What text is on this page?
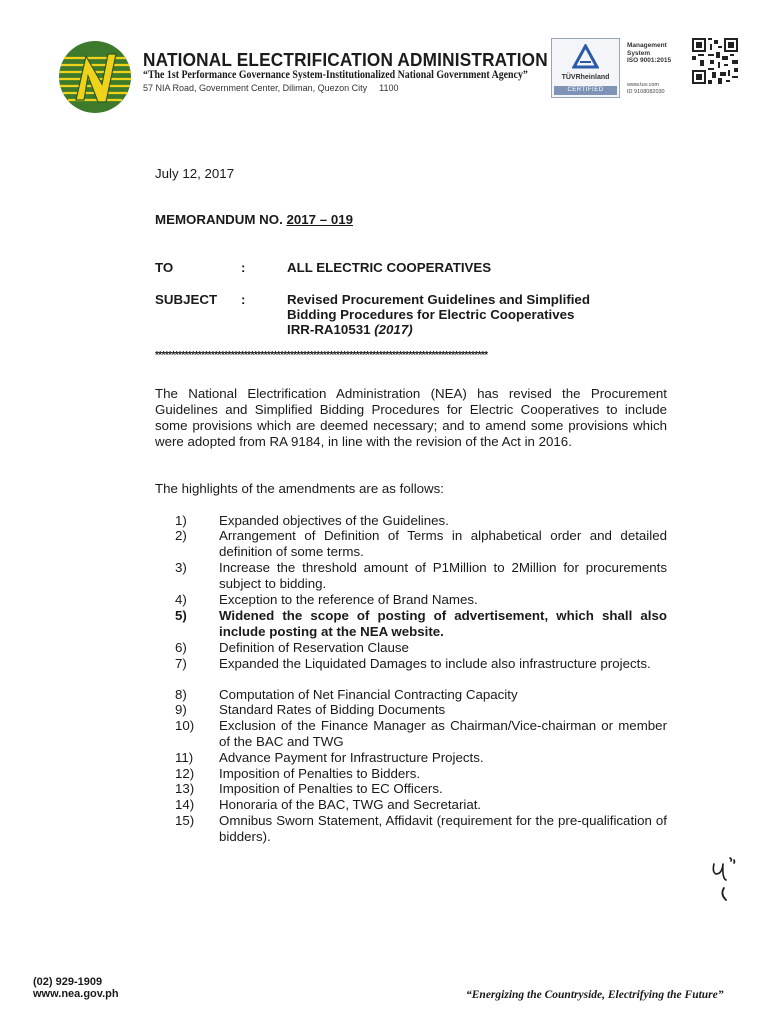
NATIONAL ELECTRIFICATION ADMINISTRATION
“The 1st Performance Governance System-Institutionalized National Government Agency”
57 NIA Road, Government Center, Diliman, Quezon City 1100
TÜVRheinland
CERTIFIED
Management
System
ISO 9001:2015
www.tuv.com
ID 9108082030
July 12, 2017
MEMORANDUM NO. 2017 – 019
TO	:	ALL ELECTRIC COOPERATIVES
SUBJECT :	Revised Procurement Guidelines and Simplified
Bidding Procedures for Electric Cooperatives
IRR-RA10531 (2017)
*****************************************************************************************************
The National Electrification Administration (NEA) has revised the Procurement Guidelines and Simplified Bidding Procedures for Electric Cooperatives to include some provisions which are deemed necessary; and to amend some provisions which were adopted from RA 9184, in line with the revision of the Act in 2016.
The highlights of the amendments are as follows:
1)	Expanded objectives of the Guidelines.
2)	Arrangement of Definition of Terms in alphabetical order and detailed definition of some terms.
3)	Increase the threshold amount of P1Million to 2Million for procurements subject to bidding.
4)	Exception to the reference of Brand Names.
5)	Widened the scope of posting of advertisement, which shall also include posting at the NEA website.
6)	Definition of Reservation Clause
7)	Expanded the Liquidated Damages to include also infrastructure projects.
8)	Computation of Net Financial Contracting Capacity
9)	Standard Rates of Bidding Documents
10)	Exclusion of the Finance Manager as Chairman/Vice-chairman or member of the BAC and TWG
11)	Advance Payment for Infrastructure Projects.
12)	Imposition of Penalties to Bidders.
13)	Imposition of Penalties to EC Officers.
14)	Honoraria of the BAC, TWG and Secretariat.
15)	Omnibus Sworn Statement, Affidavit (requirement for the pre-qualification of bidders).
(02) 929-1909
www.nea.gov.ph	“Energizing the Countryside, Electrifying the Future”
